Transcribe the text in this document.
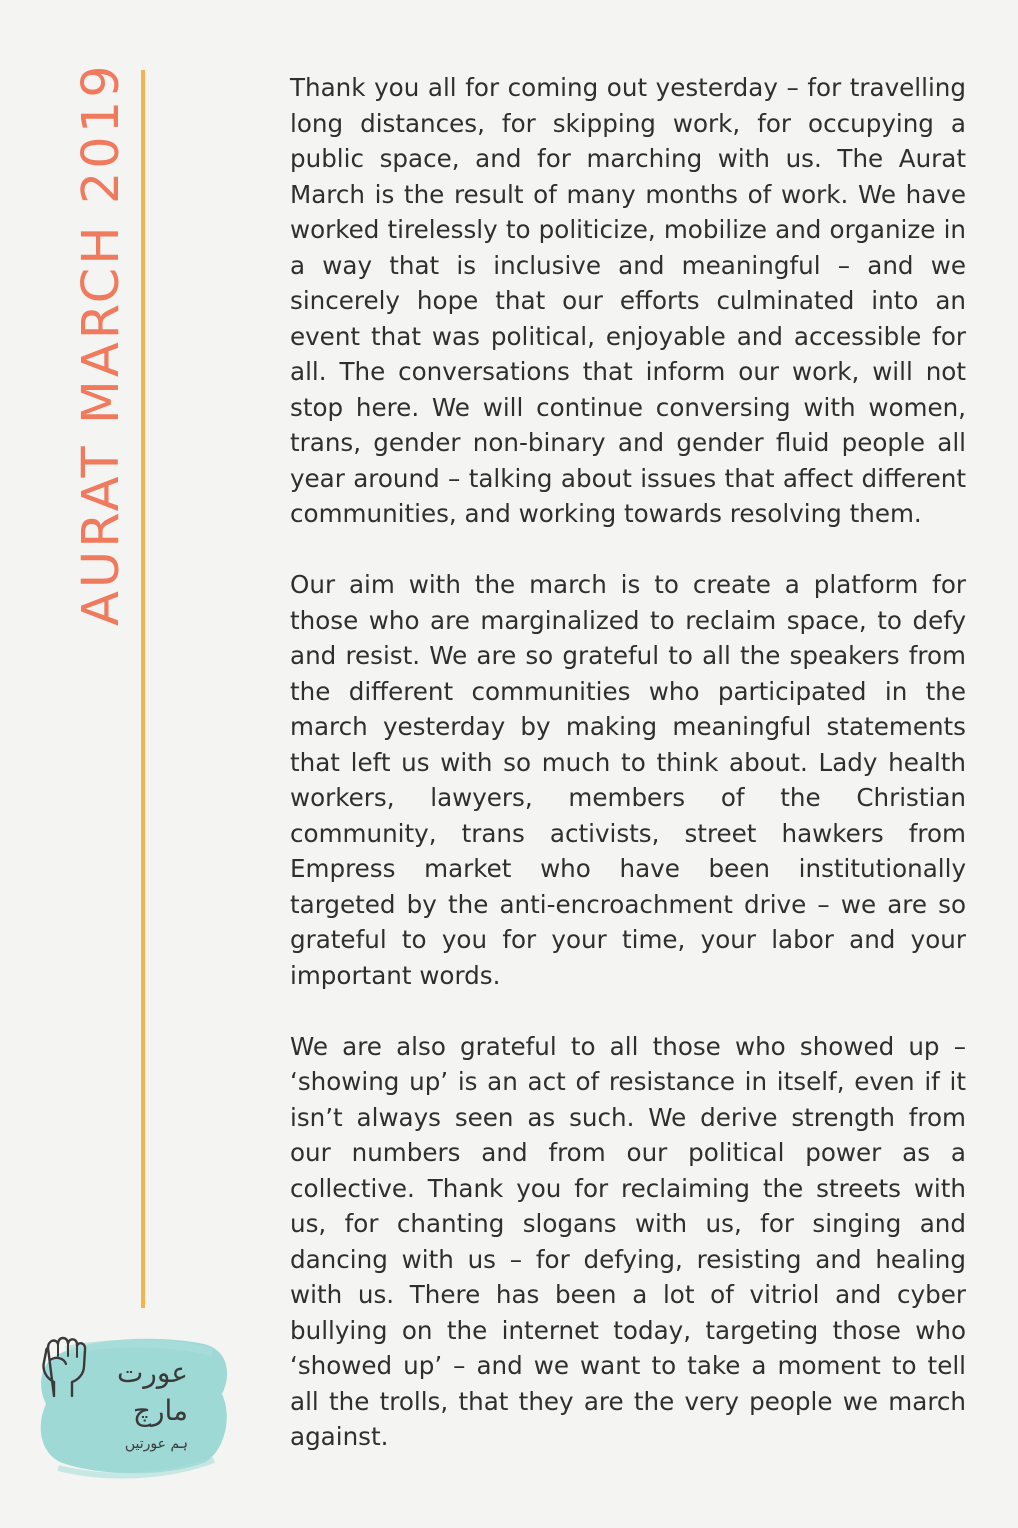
AURAT MARCH 2019
عورت
مارچ
ہم عورتیں

Thank you all for coming out yesterday – for travelling long distances, for skipping work, for occupying a public space, and for marching with us. The Aurat March is the result of many months of work. We have worked tirelessly to politicize, mobilize and organize in a way that is inclusive and meaningful – and we sincerely hope that our efforts culminated into an event that was political, enjoyable and accessible for all. The conversations that inform our work, will not stop here. We will continue conversing with women, trans, gender non-binary and gender fluid people all year around – talking about issues that affect different communities, and working towards resolving them.

Our aim with the march is to create a platform for those who are marginalized to reclaim space, to defy and resist. We are so grateful to all the speakers from the different communities who participated in the march yesterday by making meaningful statements that left us with so much to think about. Lady health workers, lawyers, members of the Christian community, trans activists, street hawkers from Empress market who have been institutionally targeted by the anti-encroachment drive – we are so grateful to you for your time, your labor and your important words.

We are also grateful to all those who showed up – ‘showing up’ is an act of resistance in itself, even if it isn’t always seen as such. We derive strength from our numbers and from our political power as a collective. Thank you for reclaiming the streets with us, for chanting slogans with us, for singing and dancing with us – for defying, resisting and healing with us. There has been a lot of vitriol and cyber bullying on the internet today, targeting those who ‘showed up’ – and we want to take a moment to tell all the trolls, that they are the very people we march against.
